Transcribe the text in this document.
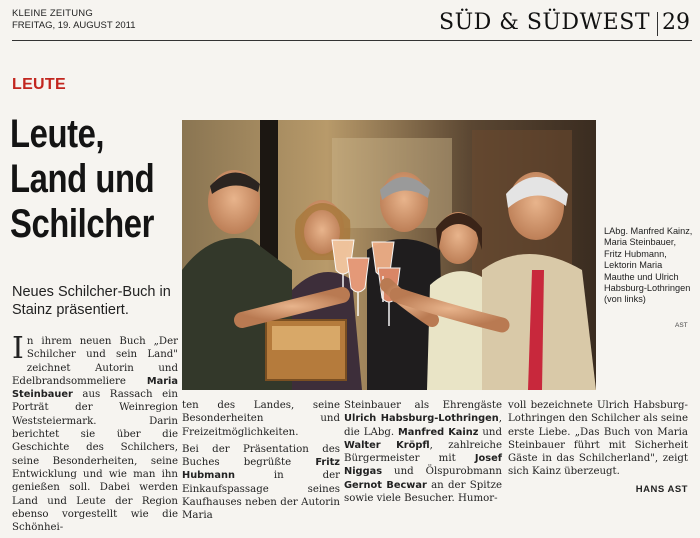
KLEINE ZEITUNG
FREITAG, 19. AUGUST 2011	SÜD & SÜDWEST 29
LEUTE
Leute,
Land und
Schilcher
Neues Schilcher-Buch in Stainz präsentiert.
LAbg. Manfred Kainz, Maria Steinbauer, Fritz Hubmann, Lektorin Maria Mauthe und Ulrich Habsburg-Lothringen (von links)
AST

In ihrem neuen Buch „Der Schilcher und sein Land" zeichnet Autorin und Edelbrandsommeliere Maria Steinbauer aus Rassach ein Porträt der Weinregion Weststeiermark. Darin berichtet sie über die Geschichte des Schilchers, seine Besonderheiten, seine Entwicklung und wie man ihn genießen soll. Dabei werden Land und Leute der Region ebenso vorgestellt wie die Schönhei-

ten des Landes, seine Besonderheiten und Freizeitmöglichkeiten.

Bei der Präsentation des Buches begrüßte Fritz Hubmann in der Einkaufspassage seines Kaufhauses neben der Autorin Maria

Steinbauer als Ehrengäste Ulrich Habsburg-Lothringen, die LAbg. Manfred Kainz und Walter Kröpfl, zahlreiche Bürgermeister mit Josef Niggas und Ölspurobmann Gernot Becwar an der Spitze sowie viele Besucher. Humor-

voll bezeichnete Ulrich Habsburg-Lothringen den Schilcher als seine erste Liebe. „Das Buch von Maria Steinbauer führt mit Sicherheit Gäste in das Schilcherland", zeigt sich Kainz überzeugt.

HANS AST
